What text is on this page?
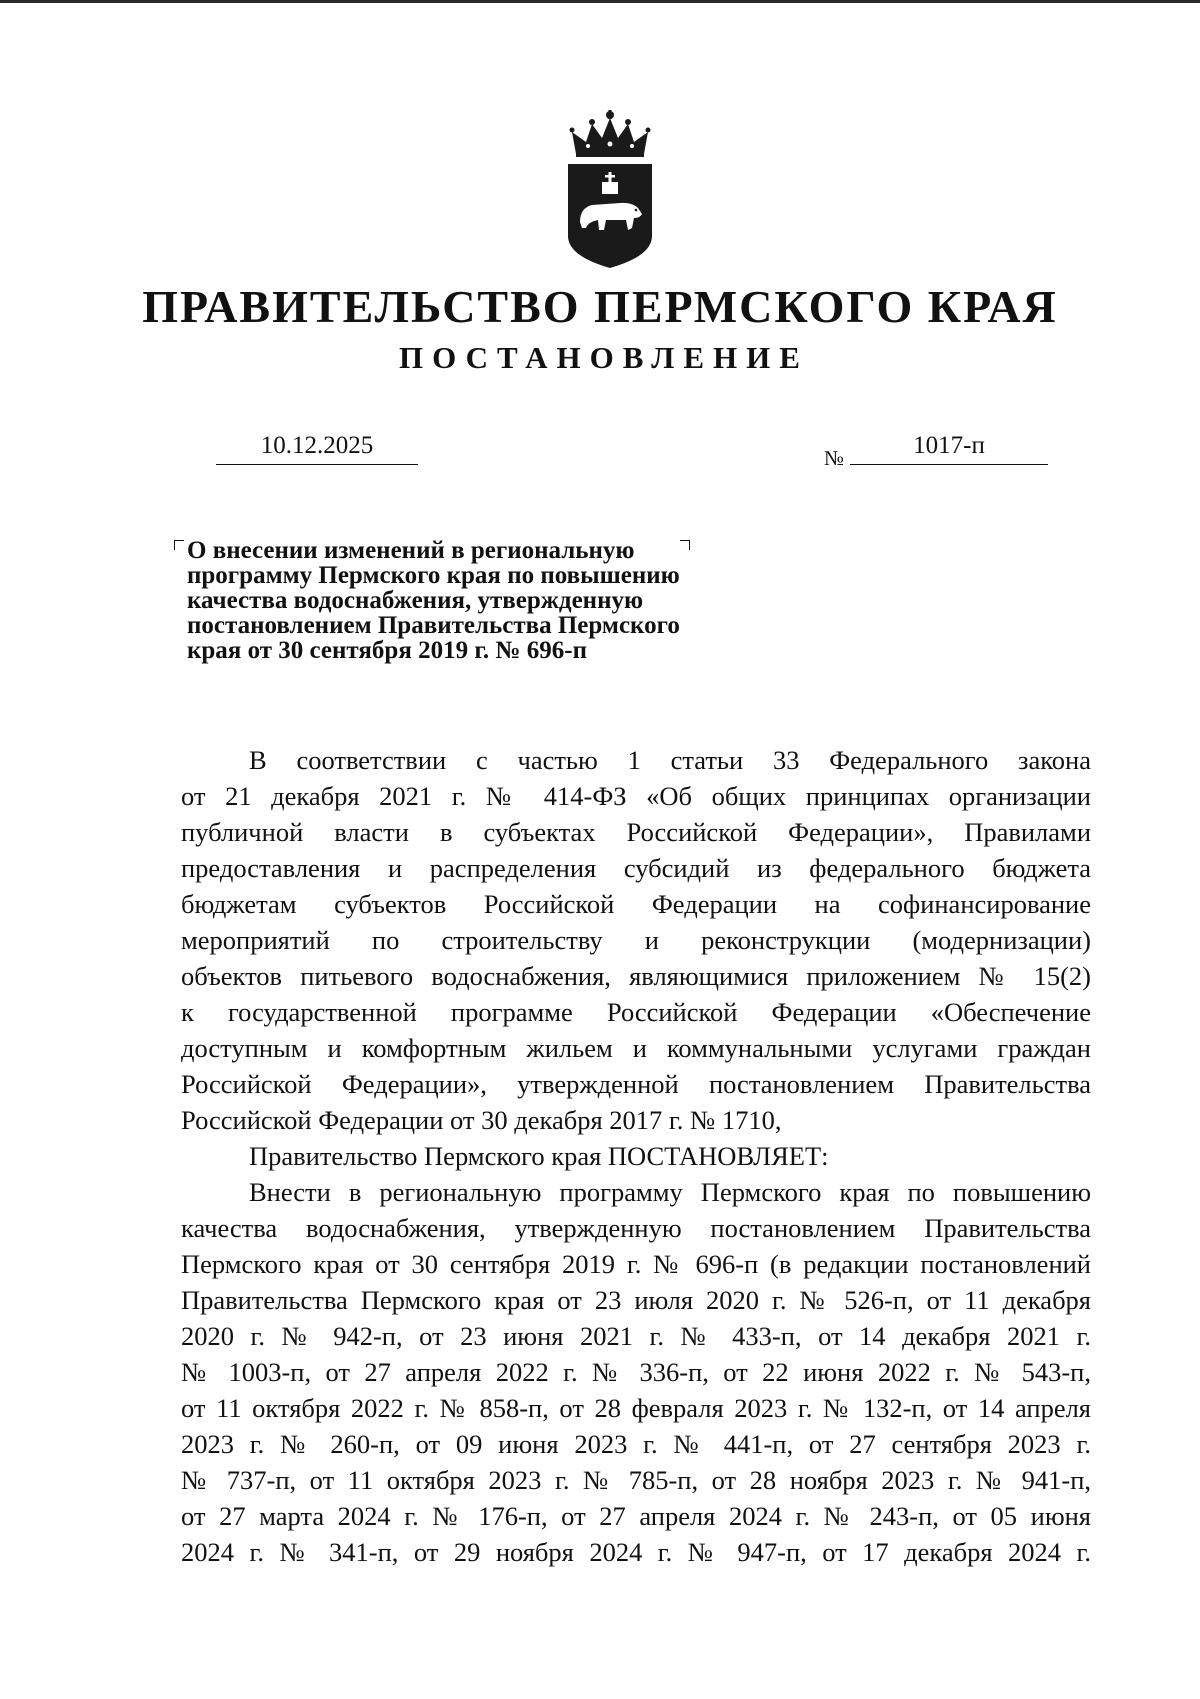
ПРАВИТЕЛЬСТВО ПЕРМСКОГО КРАЯ
ПОСТАНОВЛЕНИЕ
10.12.2025	№	1017-п
О внесении изменений в региональную
программу Пермского края по повышению
качества водоснабжения, утвержденную
постановлением Правительства Пермского
края от 30 сентября 2019 г. № 696-п
В соответствии с частью 1 статьи 33 Федерального закона
от 21 декабря 2021 г. № 414-ФЗ «Об общих принципах организации
публичной власти в субъектах Российской Федерации», Правилами
предоставления и распределения субсидий из федерального бюджета
бюджетам субъектов Российской Федерации на софинансирование
мероприятий по строительству и реконструкции (модернизации)
объектов питьевого водоснабжения, являющимися приложением № 15(2)
к государственной программе Российской Федерации «Обеспечение
доступным и комфортным жильем и коммунальными услугами граждан
Российской Федерации», утвержденной постановлением Правительства
Российской Федерации от 30 декабря 2017 г. № 1710,
Правительство Пермского края ПОСТАНОВЛЯЕТ:
Внести в региональную программу Пермского края по повышению
качества водоснабжения, утвержденную постановлением Правительства
Пермского края от 30 сентября 2019 г. № 696-п (в редакции постановлений
Правительства Пермского края от 23 июля 2020 г. № 526-п, от 11 декабря
2020 г. № 942-п, от 23 июня 2021 г. № 433-п, от 14 декабря 2021 г.
№ 1003-п, от 27 апреля 2022 г. № 336-п, от 22 июня 2022 г. № 543-п,
от 11 октября 2022 г. № 858-п, от 28 февраля 2023 г. № 132-п, от 14 апреля
2023 г. № 260-п, от 09 июня 2023 г. № 441-п, от 27 сентября 2023 г.
№ 737-п, от 11 октября 2023 г. № 785-п, от 28 ноября 2023 г. № 941-п,
от 27 марта 2024 г. № 176-п, от 27 апреля 2024 г. № 243-п, от 05 июня
2024 г. № 341-п, от 29 ноября 2024 г. № 947-п, от 17 декабря 2024 г.
